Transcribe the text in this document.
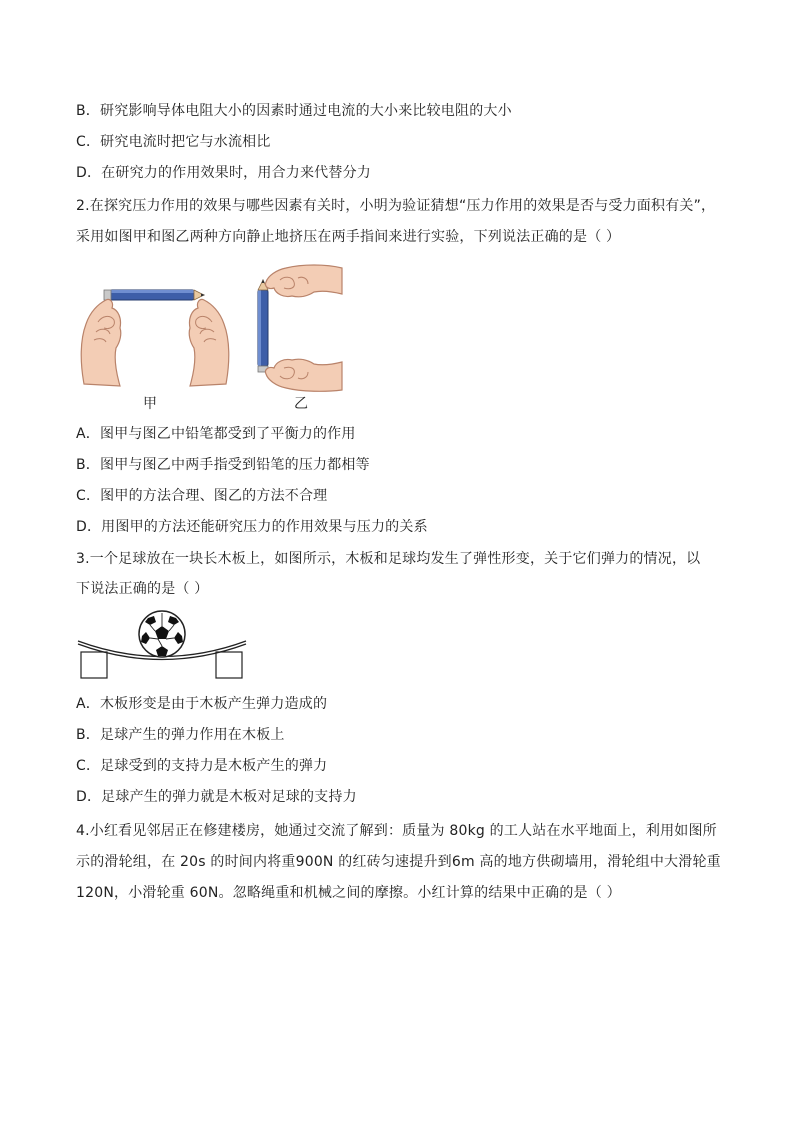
B．研究影响导体电阻大小的因素时通过电流的大小来比较电阻的大小
C．研究电流时把它与水流相比
D．在研究力的作用效果时，用合力来代替分力
2.在探究压力作用的效果与哪些因素有关时，小明为验证猜想“压力作用的效果是否与受力面积有关”，
采用如图甲和图乙两种方向静止地挤压在两手指间来进行实验，下列说法正确的是（ ）
甲	乙
A．图甲与图乙中铅笔都受到了平衡力的作用
B．图甲与图乙中两手指受到铅笔的压力都相等
C．图甲的方法合理、图乙的方法不合理
D．用图甲的方法还能研究压力的作用效果与压力的关系
3.一个足球放在一块长木板上，如图所示，木板和足球均发生了弹性形变，关于它们弹力的情况，以
下说法正确的是（ ）
A．木板形变是由于木板产生弹力造成的
B．足球产生的弹力作用在木板上
C．足球受到的支持力是木板产生的弹力
D．足球产生的弹力就是木板对足球的支持力
4.小红看见邻居正在修建楼房，她通过交流了解到：质量为 80kg 的工人站在水平地面上，利用如图所
示的滑轮组，在 20s 的时间内将重900N 的红砖匀速提升到6m 高的地方供砌墙用，滑轮组中大滑轮重
120N，小滑轮重 60N。忽略绳重和机械之间的摩擦。小红计算的结果中正确的是（ ）
